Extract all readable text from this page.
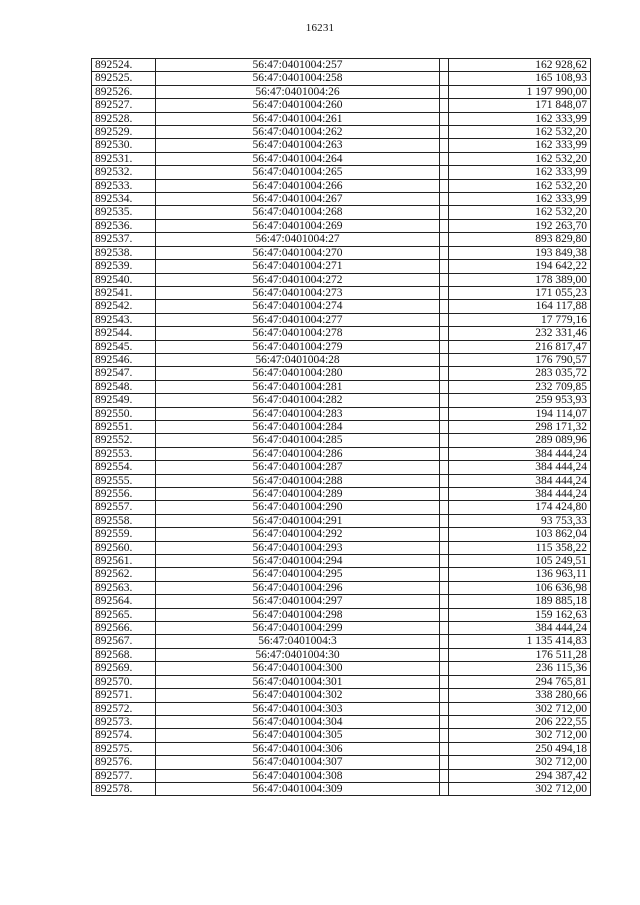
16231
892524.	56:47:0401004:257		162 928,62
892525.	56:47:0401004:258		165 108,93
892526.	56:47:0401004:26		1 197 990,00
892527.	56:47:0401004:260		171 848,07
892528.	56:47:0401004:261		162 333,99
892529.	56:47:0401004:262		162 532,20
892530.	56:47:0401004:263		162 333,99
892531.	56:47:0401004:264		162 532,20
892532.	56:47:0401004:265		162 333,99
892533.	56:47:0401004:266		162 532,20
892534.	56:47:0401004:267		162 333,99
892535.	56:47:0401004:268		162 532,20
892536.	56:47:0401004:269		192 263,70
892537.	56:47:0401004:27		893 829,80
892538.	56:47:0401004:270		193 849,38
892539.	56:47:0401004:271		194 642,22
892540.	56:47:0401004:272		178 389,00
892541.	56:47:0401004:273		171 055,23
892542.	56:47:0401004:274		164 117,88
892543.	56:47:0401004:277		17 779,16
892544.	56:47:0401004:278		232 331,46
892545.	56:47:0401004:279		216 817,47
892546.	56:47:0401004:28		176 790,57
892547.	56:47:0401004:280		283 035,72
892548.	56:47:0401004:281		232 709,85
892549.	56:47:0401004:282		259 953,93
892550.	56:47:0401004:283		194 114,07
892551.	56:47:0401004:284		298 171,32
892552.	56:47:0401004:285		289 089,96
892553.	56:47:0401004:286		384 444,24
892554.	56:47:0401004:287		384 444,24
892555.	56:47:0401004:288		384 444,24
892556.	56:47:0401004:289		384 444,24
892557.	56:47:0401004:290		174 424,80
892558.	56:47:0401004:291		93 753,33
892559.	56:47:0401004:292		103 862,04
892560.	56:47:0401004:293		115 358,22
892561.	56:47:0401004:294		105 249,51
892562.	56:47:0401004:295		136 963,11
892563.	56:47:0401004:296		106 636,98
892564.	56:47:0401004:297		189 885,18
892565.	56:47:0401004:298		159 162,63
892566.	56:47:0401004:299		384 444,24
892567.	56:47:0401004:3		1 135 414,83
892568.	56:47:0401004:30		176 511,28
892569.	56:47:0401004:300		236 115,36
892570.	56:47:0401004:301		294 765,81
892571.	56:47:0401004:302		338 280,66
892572.	56:47:0401004:303		302 712,00
892573.	56:47:0401004:304		206 222,55
892574.	56:47:0401004:305		302 712,00
892575.	56:47:0401004:306		250 494,18
892576.	56:47:0401004:307		302 712,00
892577.	56:47:0401004:308		294 387,42
892578.	56:47:0401004:309		302 712,00
